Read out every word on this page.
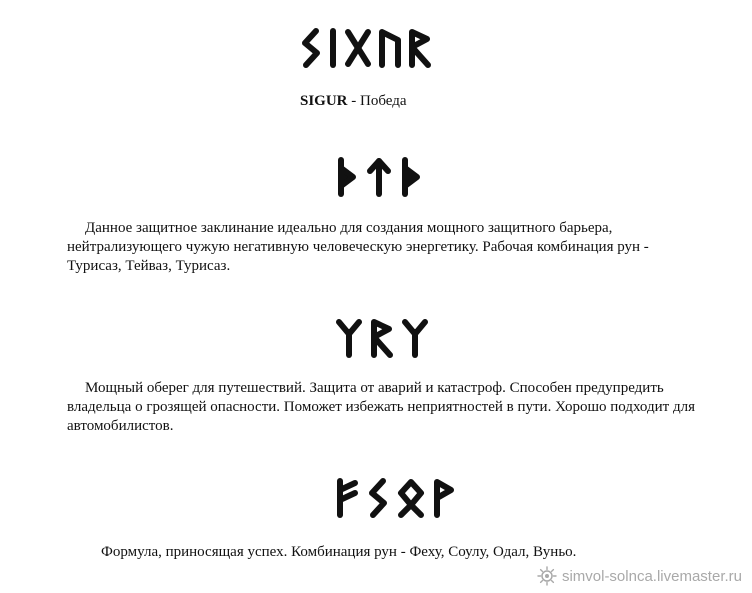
SIGUR - Победа
Данное защитное заклинание идеально для создания мощного защитного барьера, нейтрализующего чужую негативную человеческую энергетику. Рабочая комбинация рун - Турисаз, Тейваз, Турисаз.
Мощный оберег для путешествий. Защита от аварий и катастроф. Способен предупредить владельца о грозящей опасности. Поможет избежать неприятностей в пути. Хорошо подходит для автомобилистов.
Формула, приносящая успех. Комбинация рун - Феху, Соулу, Одал, Вуньо.
simvol-solnca.livemaster.ru
